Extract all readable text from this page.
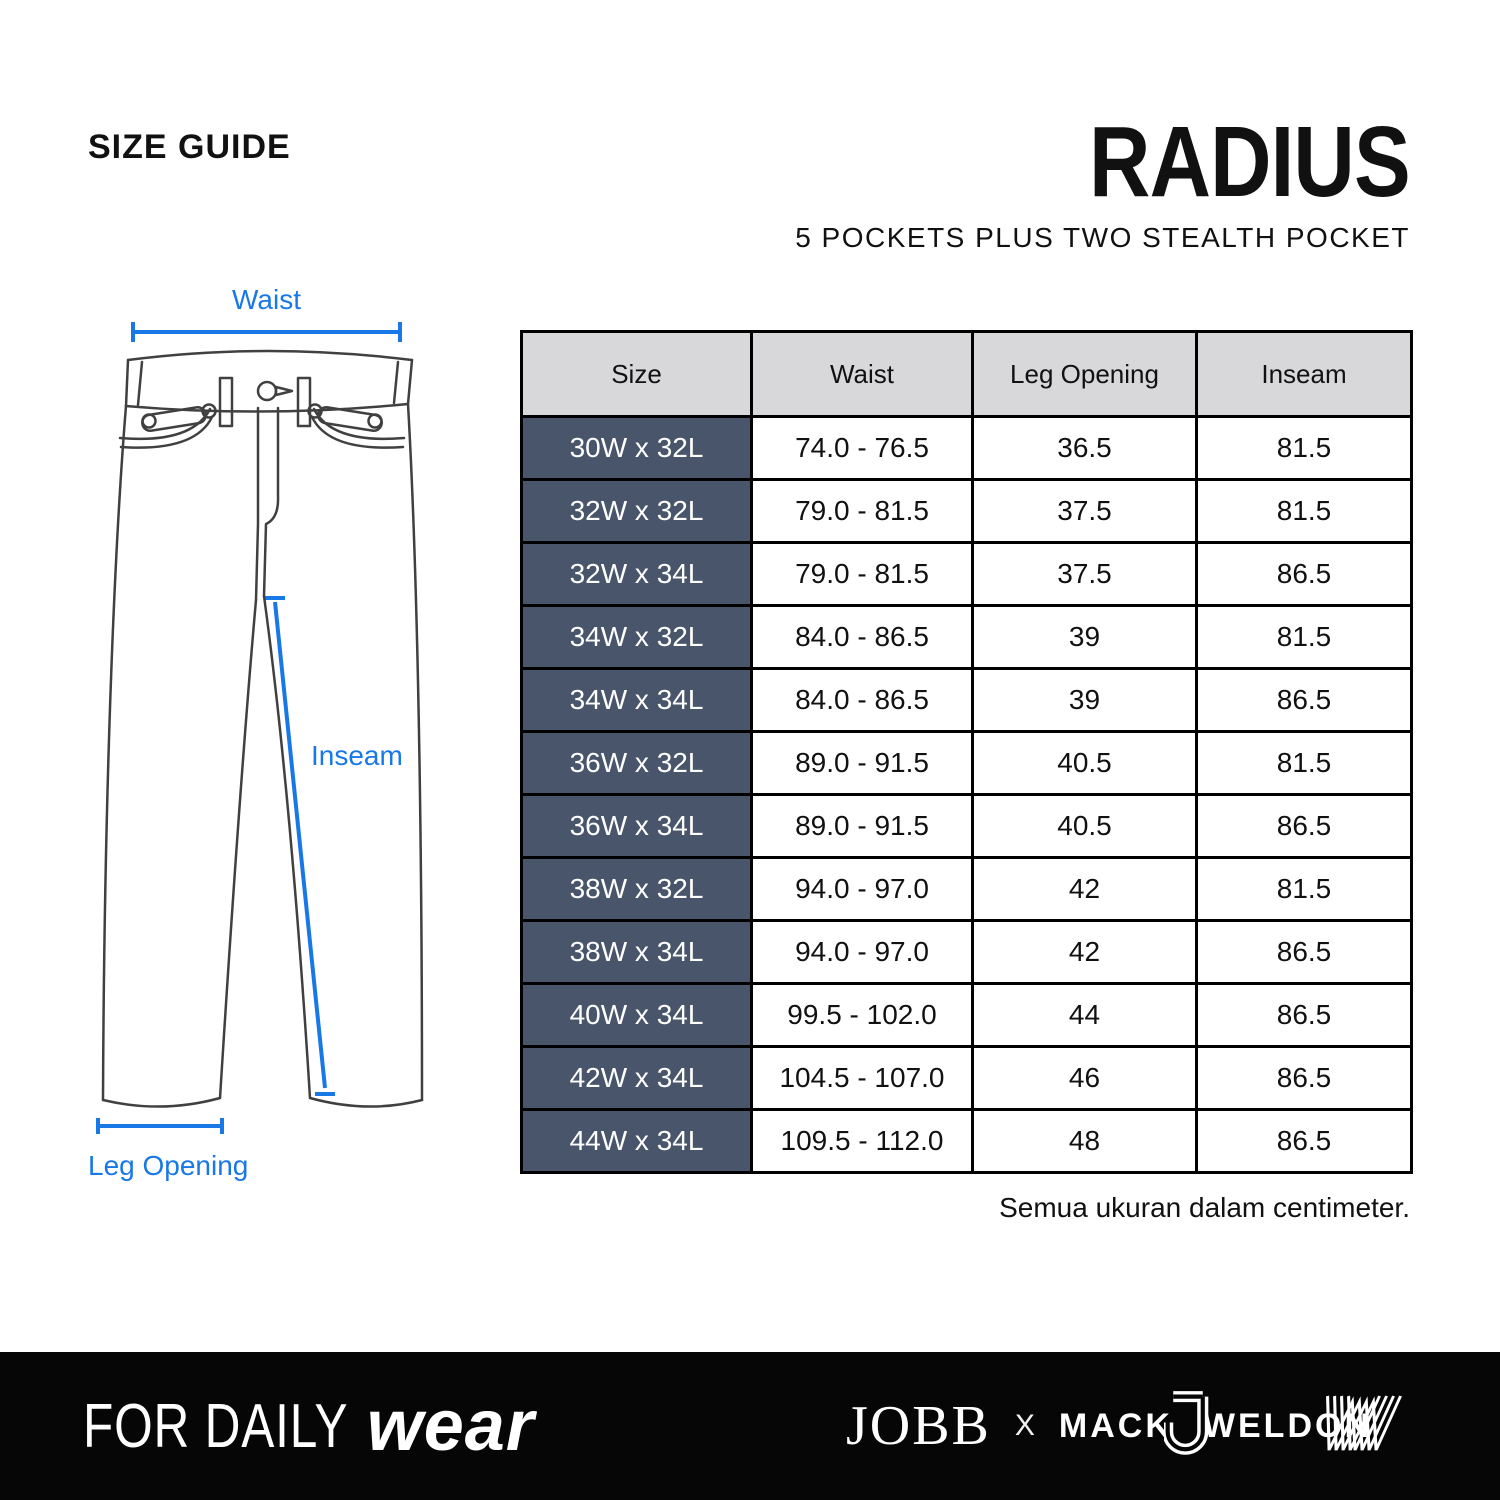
SIZE GUIDE	RADIUS
5 POCKETS PLUS TWO STEALTH POCKET
Waist
Inseam
Leg Opening
Size	Waist	Leg Opening	Inseam
30W x 32L	74.0 - 76.5	36.5	81.5
32W x 32L	79.0 - 81.5	37.5	81.5
32W x 34L	79.0 - 81.5	37.5	86.5
34W x 32L	84.0 - 86.5	39	81.5
34W x 34L	84.0 - 86.5	39	86.5
36W x 32L	89.0 - 91.5	40.5	81.5
36W x 34L	89.0 - 91.5	40.5	86.5
38W x 32L	94.0 - 97.0	42	81.5
38W x 34L	94.0 - 97.0	42	86.5
40W x 34L	99.5 - 102.0	44	86.5
42W x 34L	104.5 - 107.0	46	86.5
44W x 34L	109.5 - 112.0	48	86.5
Semua ukuran dalam centimeter.
FOR DAILY wear	JOBB X MACK WELDON
